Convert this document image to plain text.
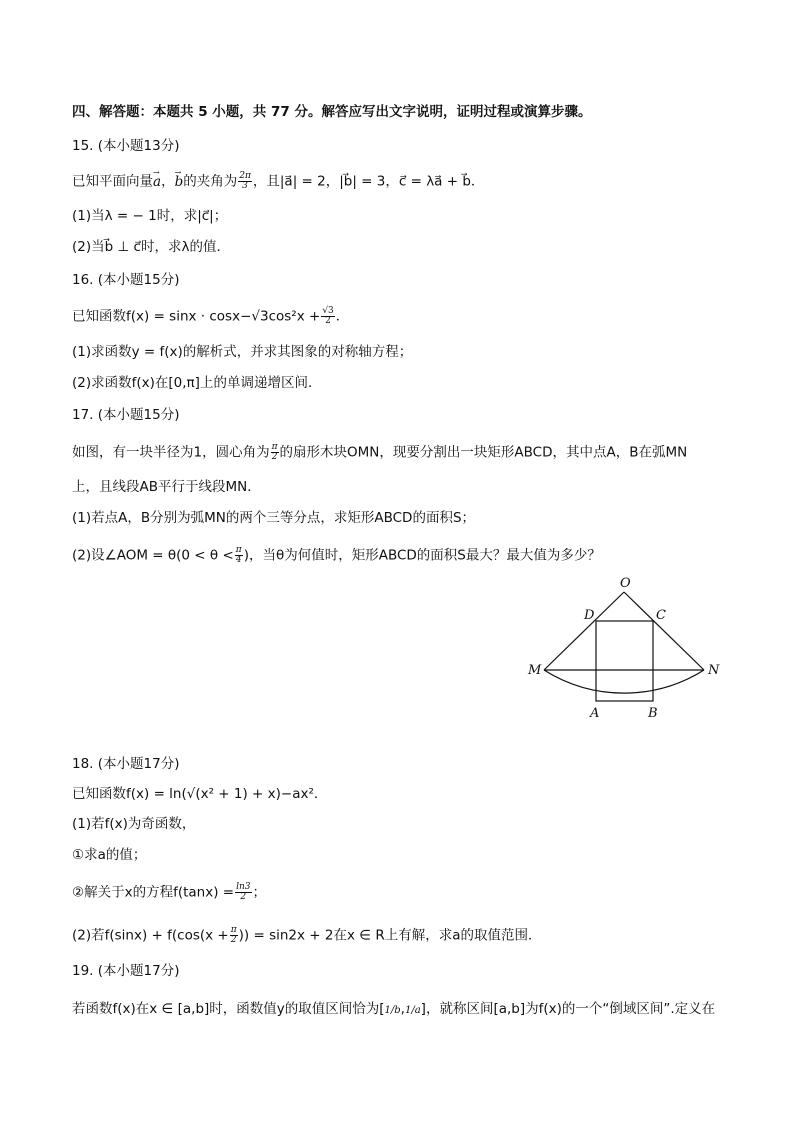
四、解答题：本题共 5 小题，共 77 分。解答应写出文字说明，证明过程或演算步骤。
15. (本小题13分)
已知平面向量→ a，→ b的夹角为 $\frac{2\pi}{3}$ ，且|a⃗| = 2，|b⃗| = 3，c⃗ = λa⃗ + b⃗．
(1)当λ = − 1时，求|c⃗|；
(2)当b⃗ ⊥ c⃗时，求λ的值．
16. (本小题15分)
已知函数$f(x) = \sin x \cdot \cos x-√3\cos^2x + \frac{√3}{2}$ ．
(1)求函数y = f(x)的解析式，并求其图象的对称轴方程；
(2)求函数f(x)在[0,π]上的单调递增区间．
17. (本小题15分)
如图，有一块半径为1，圆心角为 $\frac{\pi}{2}$ 的扇形木块OMN，现要分割出一块矩形ABCD，其中点A，B在弧MN
上，且线段AB平行于线段MN．
(1)若点A，B分别为弧MN的两个三等分点，求矩形ABCD的面积S；
(2)设∠AOM = $\theta(0 < \theta < \frac{\pi}{4}$ )，当θ为何值时，矩形ABCD的面积S最大？最大值为多少？
O
D	C
M	N
A	B
18. (本小题17分)
已知函数f(x) = ln(√(x² + 1) + x)−ax²．
(1)若f(x)为奇函数，
①求a的值；
②解关于x的方程$f(\tan x) = \frac{\ln 3}{2}$ ；
(2)若$f(\sin x) + f(\cos(x + \frac{\pi}{2}$ )) = sin2x + 2在x ∈ R上有解，求a的取值范围．
19. (本小题17分)
若函数f(x)在x ∈ [a,b]时，函数值y的取值区间恰为[1/b,1/a]，就称区间[a,b]为f(x)的一个“倒域区间”.定义在
